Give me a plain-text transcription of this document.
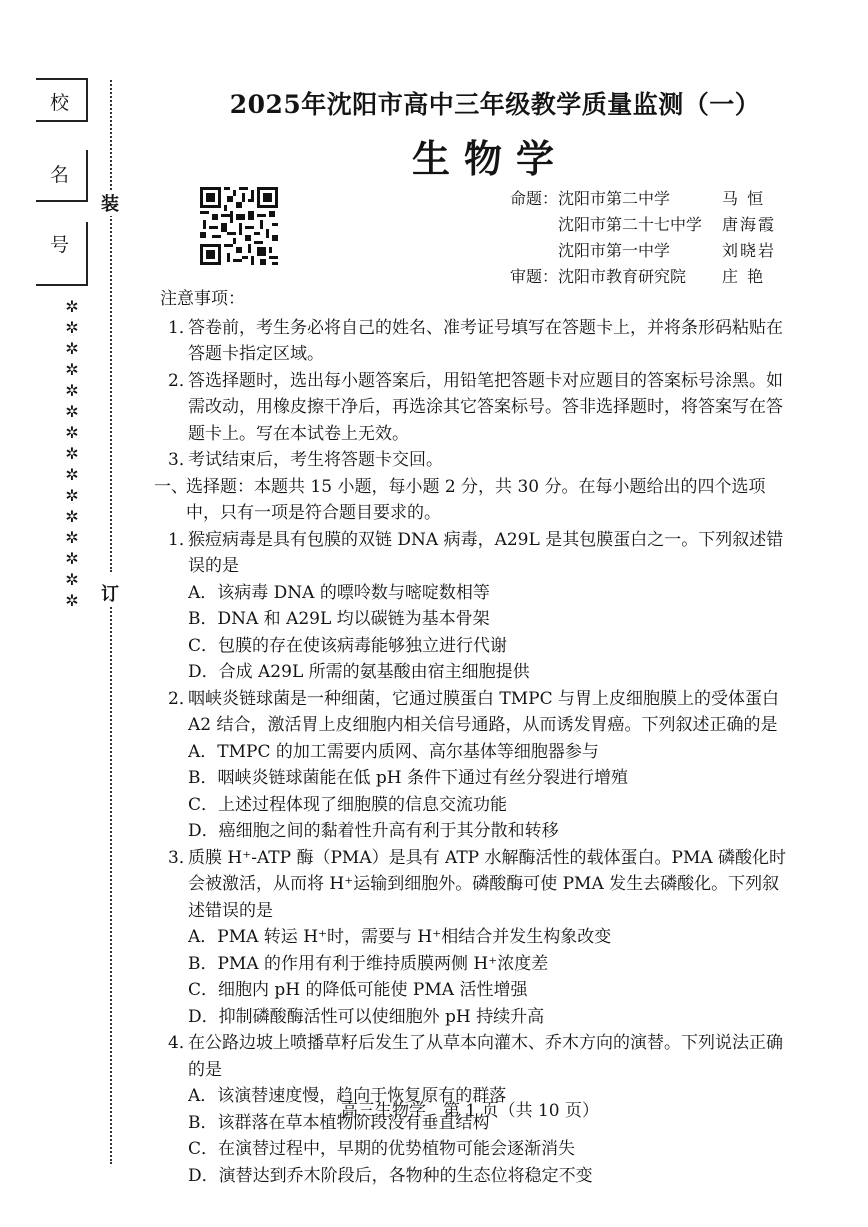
校
名
号
✲✲✲✲✲✲✲✲✲✲✲✲✲✲✲
装
订
2025年沈阳市高中三年级教学质量监测（一）
生物学
命题： 沈阳市第二中学	马 恒
沈阳市第二十七中学 唐海霞
沈阳市第一中学	刘晓岩
审题： 沈阳市教育研究院 庄 艳

注意事项：

1．
答卷前，考生务必将自己的姓名、准考证号填写在答题卡上，并将条形码粘贴在答题卡指定区域。

2．
答选择题时，选出每小题答案后，用铅笔把答题卡对应题目的答案标号涂黑。如需改动，用橡皮擦干净后，再选涂其它答案标号。答非选择题时，将答案写在答题卡上。写在本试卷上无效。

3．
考试结束后，考生将答题卡交回。

一、
选择题：本题共 15 小题，每小题 2 分，共 30 分。在每小题给出的四个选项中，只有一项是符合题目要求的。

1．
猴痘病毒是具有包膜的双链 DNA 病毒，A29L 是其包膜蛋白之一。下列叙述错误的是

A．该病毒 DNA 的嘌呤数与嘧啶数相等

B．DNA 和 A29L 均以碳链为基本骨架

C．包膜的存在使该病毒能够独立进行代谢

D．合成 A29L 所需的氨基酸由宿主细胞提供

2．
咽峡炎链球菌是一种细菌，它通过膜蛋白 TMPC 与胃上皮细胞膜上的受体蛋白 A2 结合，激活胃上皮细胞内相关信号通路，从而诱发胃癌。下列叙述正确的是

A．TMPC 的加工需要内质网、高尔基体等细胞器参与

B．咽峡炎链球菌能在低 pH 条件下通过有丝分裂进行增殖

C．上述过程体现了细胞膜的信息交流功能

D．癌细胞之间的黏着性升高有利于其分散和转移

3．
质膜 H⁺-ATP 酶（PMA）是具有 ATP 水解酶活性的载体蛋白。PMA 磷酸化时会被激活，从而将 H⁺运输到细胞外。磷酸酶可使 PMA 发生去磷酸化。下列叙述错误的是

A．PMA 转运 H⁺时，需要与 H⁺相结合并发生构象改变

B．PMA 的作用有利于维持质膜两侧 H⁺浓度差

C．细胞内 pH 的降低可能使 PMA 活性增强

D．抑制磷酸酶活性可以使细胞外 pH 持续升高

4．
在公路边坡上喷播草籽后发生了从草本向灌木、乔木方向的演替。下列说法正确的是

A．该演替速度慢，趋向于恢复原有的群落

B．该群落在草本植物阶段没有垂直结构

C．在演替过程中，早期的优势植物可能会逐渐消失

D．演替达到乔木阶段后，各物种的生态位将稳定不变

高三生物学　第 1 页（共 10 页）
